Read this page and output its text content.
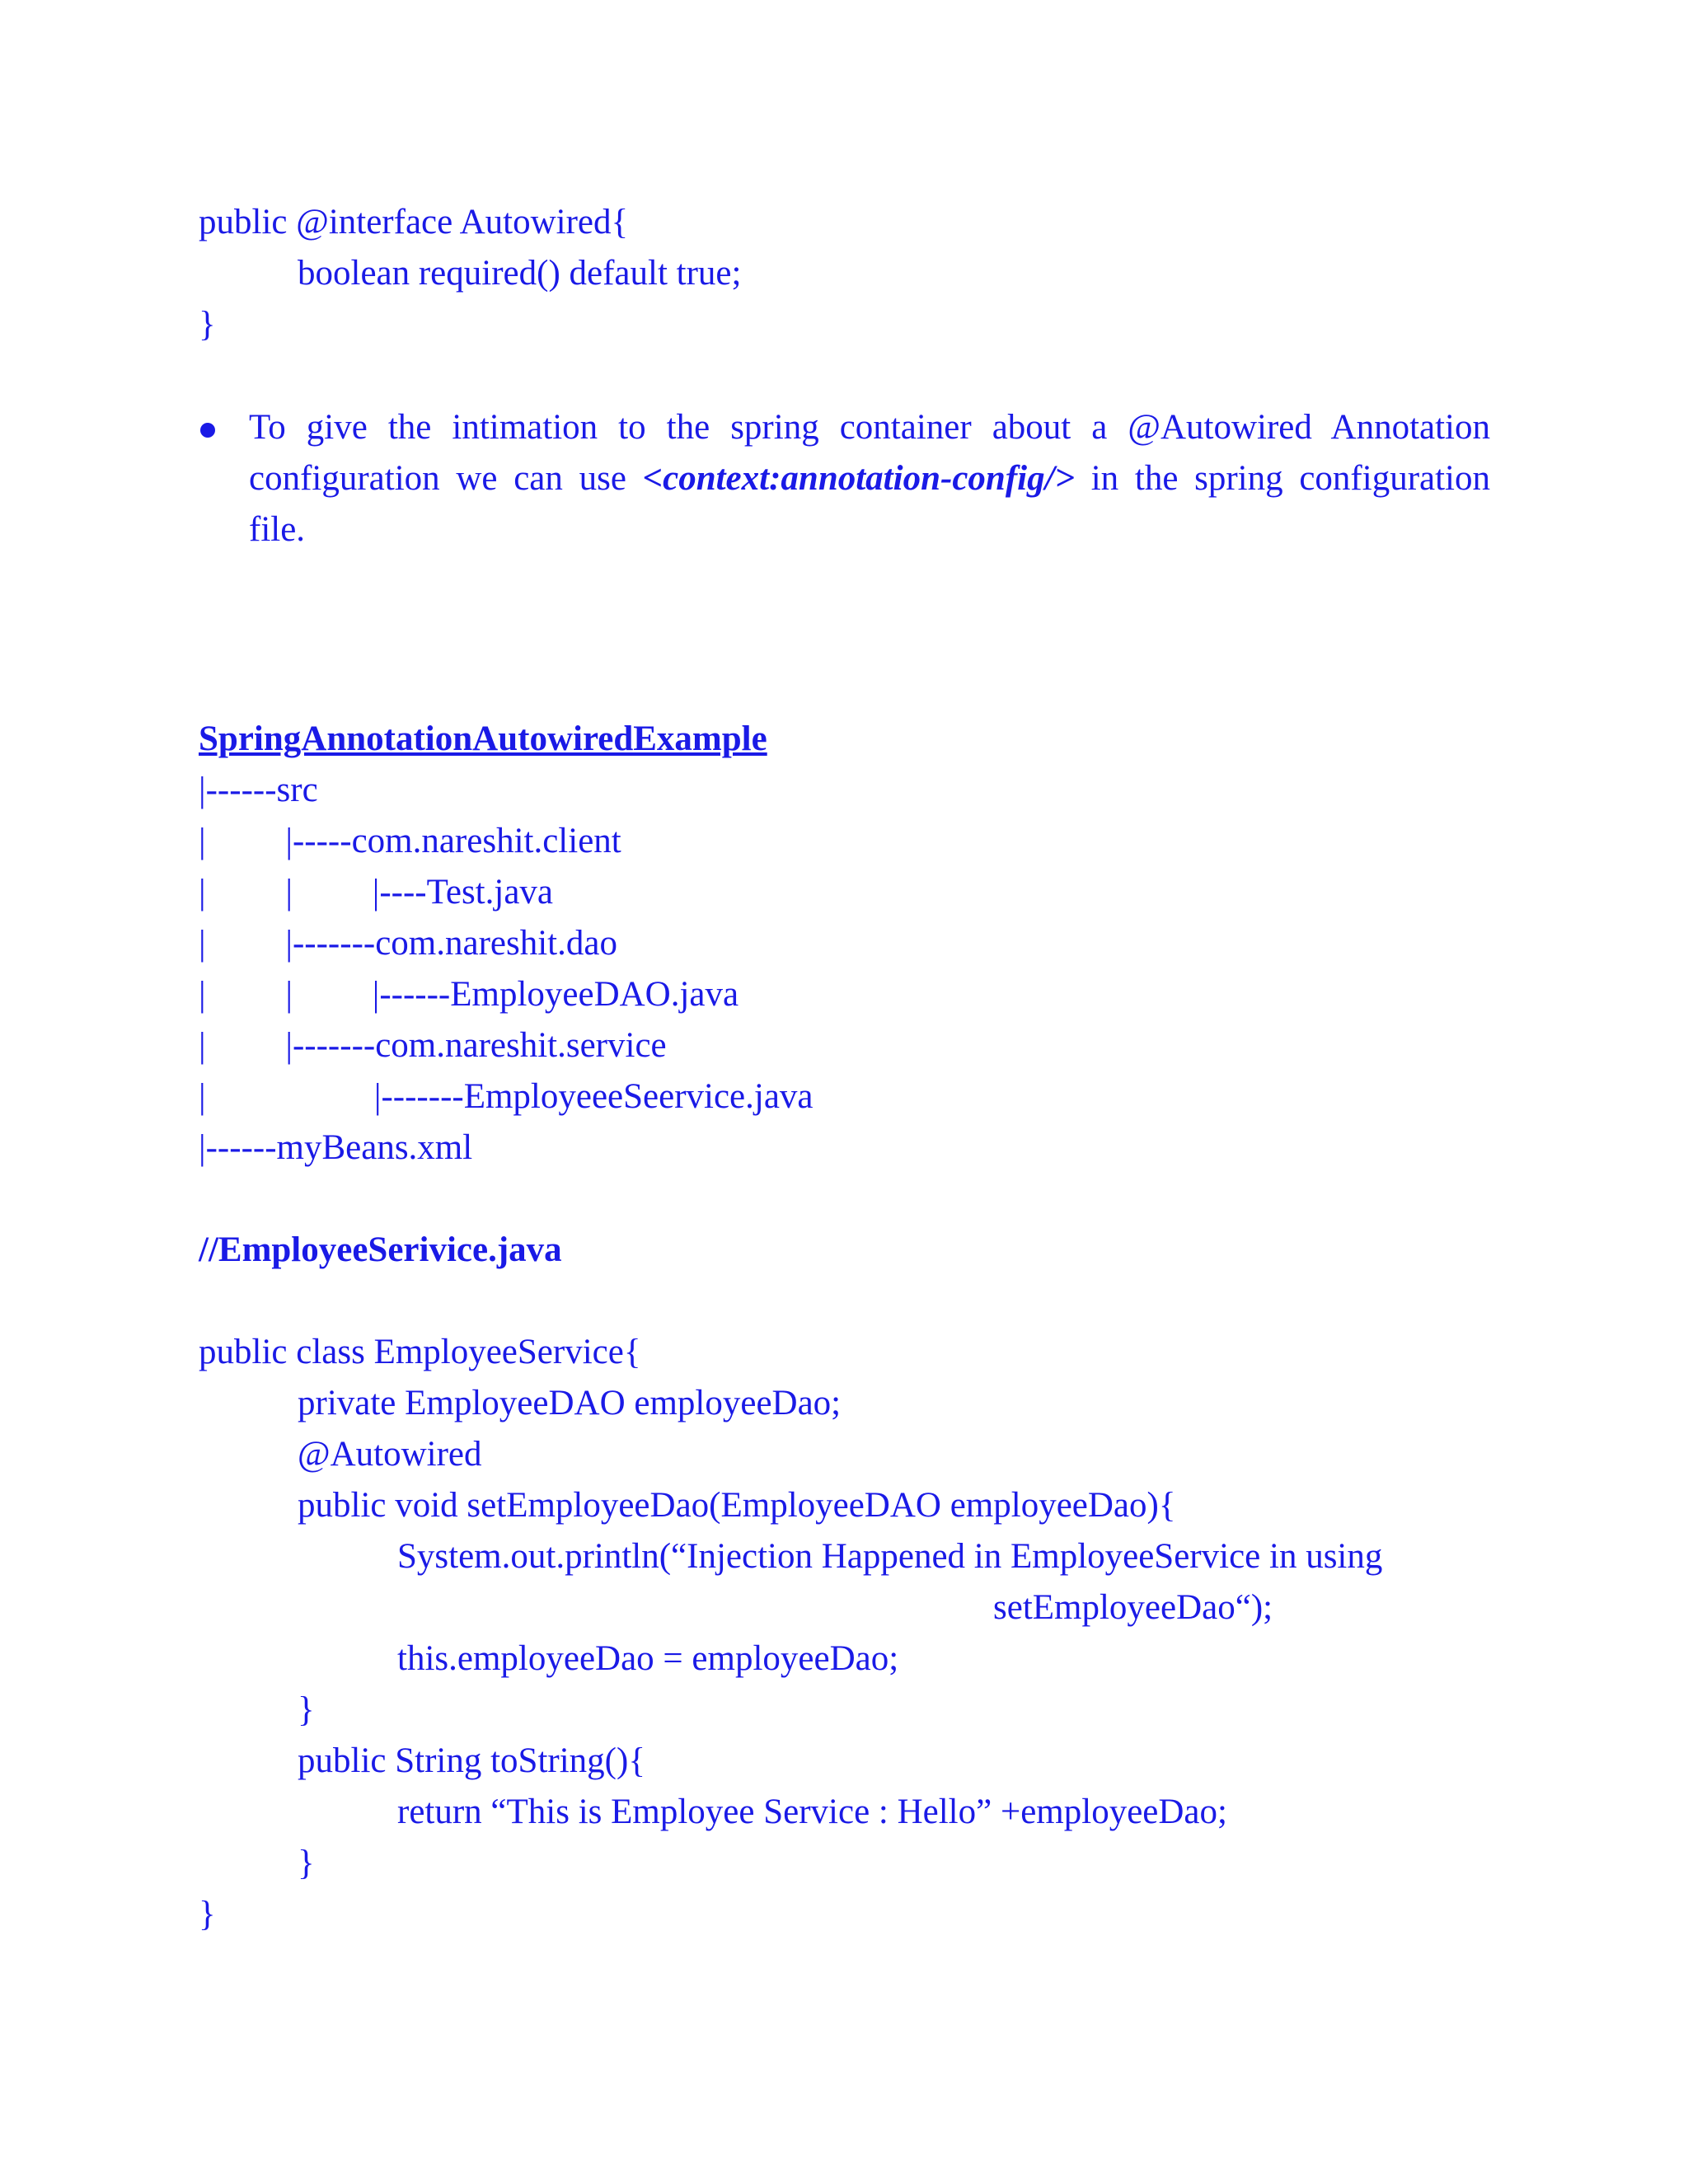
public @interface Autowired{
boolean required() default true;
}
To give the intimation to the spring container about a @Autowired Annotation configuration we can use <context:annotation-config/> in the spring configuration file.
SpringAnnotationAutowiredExample
|------src
|         |-----com.nareshit.client
|         |         |----Test.java
|         |-------com.nareshit.dao
|         |         |------EmployeeDAO.java
|         |-------com.nareshit.service
|                   |-------EmployeeeSeervice.java
|------myBeans.xml
//EmployeeSerivice.java
public class EmployeeService{
private EmployeeDAO employeeDao;
@Autowired
public void setEmployeeDao(EmployeeDAO employeeDao){
System.out.println(“Injection Happened in EmployeeService in using
setEmployeeDao“);
this.employeeDao = employeeDao;
}
public String toString(){
return “This is Employee Service : Hello” +employeeDao;
}
}
